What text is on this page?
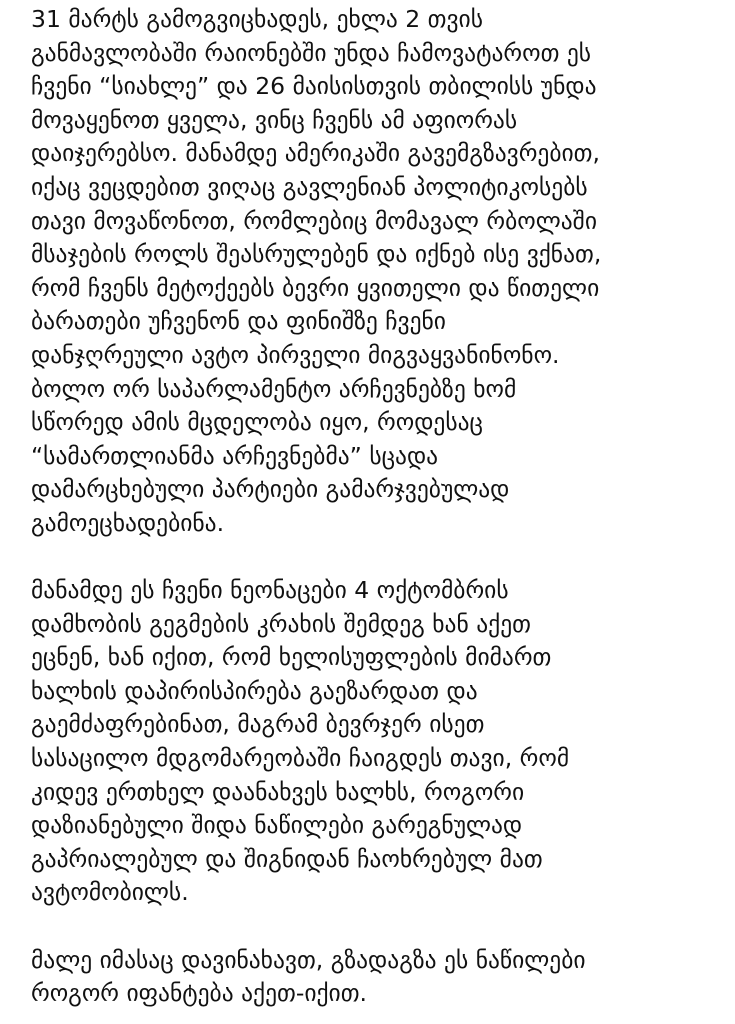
31 მარტს გამოგვიცხადეს, ეხლა 2 თვის
განმავლობაში რაიონებში უნდა ჩამოვატაროთ ეს
ჩვენი “სიახლე” და 26 მაისისთვის თბილისს უნდა
მოვაყენოთ ყველა, ვინც ჩვენს ამ აფიორას
დაიჯერებსო. მანამდე ამერიკაში გავემგზავრებით,
იქაც ვეცდებით ვიღაც გავლენიან პოლიტიკოსებს
თავი მოვაწონოთ, რომლებიც მომავალ რბოლაში
მსაჯების როლს შეასრულებენ და იქნებ ისე ვქნათ,
რომ ჩვენს მეტოქეებს ბევრი ყვითელი და წითელი
ბარათები უჩვენონ და ფინიშზე ჩვენი
დანჯღრეული ავტო პირველი მიგვაყვანინონო.
ბოლო ორ საპარლამენტო არჩევნებზე ხომ
სწორედ ამის მცდელობა იყო, როდესაც
“სამართლიანმა არჩევნებმა” სცადა
დამარცხებული პარტიები გამარჯვებულად
გამოეცხადებინა.
მანამდე ეს ჩვენი ნეონაცები 4 ოქტომბრის
დამხობის გეგმების კრახის შემდეგ ხან აქეთ
ეცნენ, ხან იქით, რომ ხელისუფლების მიმართ
ხალხის დაპირისპირება გაეზარდათ და
გაემძაფრებინათ, მაგრამ ბევრჯერ ისეთ
სასაცილო მდგომარეობაში ჩაიგდეს თავი, რომ
კიდევ ერთხელ დაანახვეს ხალხს, როგორი
დაზიანებული შიდა ნაწილები გარეგნულად
გაპრიალებულ და შიგნიდან ჩაოხრებულ მათ
ავტომობილს.
მალე იმასაც დავინახავთ, გზადაგზა ეს ნაწილები
როგორ იფანტება აქეთ-იქით.
